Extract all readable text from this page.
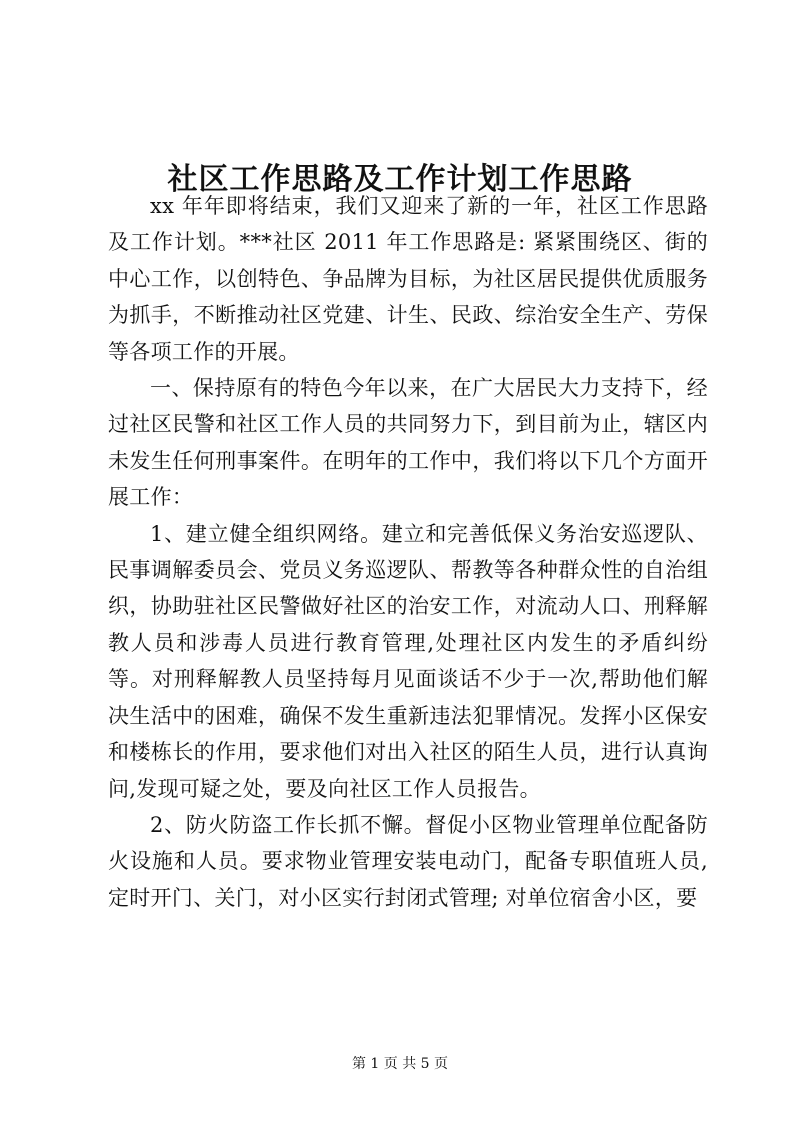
社区工作思路及工作计划工作思路

xx 年年即将结束，我们又迎来了新的一年，社区工作思路及工作计划。***社区 2011 年工作思路是: 紧紧围绕区、街的中心工作，以创特色、争品牌为目标，为社区居民提供优质服务为抓手，不断推动社区党建、计生、民政、综治安全生产、劳保等各项工作的开展。

一、保持原有的特色今年以来，在广大居民大力支持下，经过社区民警和社区工作人员的共同努力下，到目前为止，辖区内未发生任何刑事案件。在明年的工作中，我们将以下几个方面开展工作：

1、建立健全组织网络。建立和完善低保义务治安巡逻队、民事调解委员会、党员义务巡逻队、帮教等各种群众性的自治组织，协助驻社区民警做好社区的治安工作，对流动人口、刑释解教人员和涉毒人员进行教育管理,处理社区内发生的矛盾纠纷等。对刑释解教人员坚持每月见面谈话不少于一次,帮助他们解决生活中的困难，确保不发生重新违法犯罪情况。发挥小区保安和楼栋长的作用，要求他们对出入社区的陌生人员，进行认真询问,发现可疑之处，要及向社区工作人员报告。

2、防火防盗工作长抓不懈。督促小区物业管理单位配备防火设施和人员。要求物业管理安装电动门，配备专职值班人员,定时开门、关门，对小区实行封闭式管理; 对单位宿舍小区，要

第 1 页 共 5 页
